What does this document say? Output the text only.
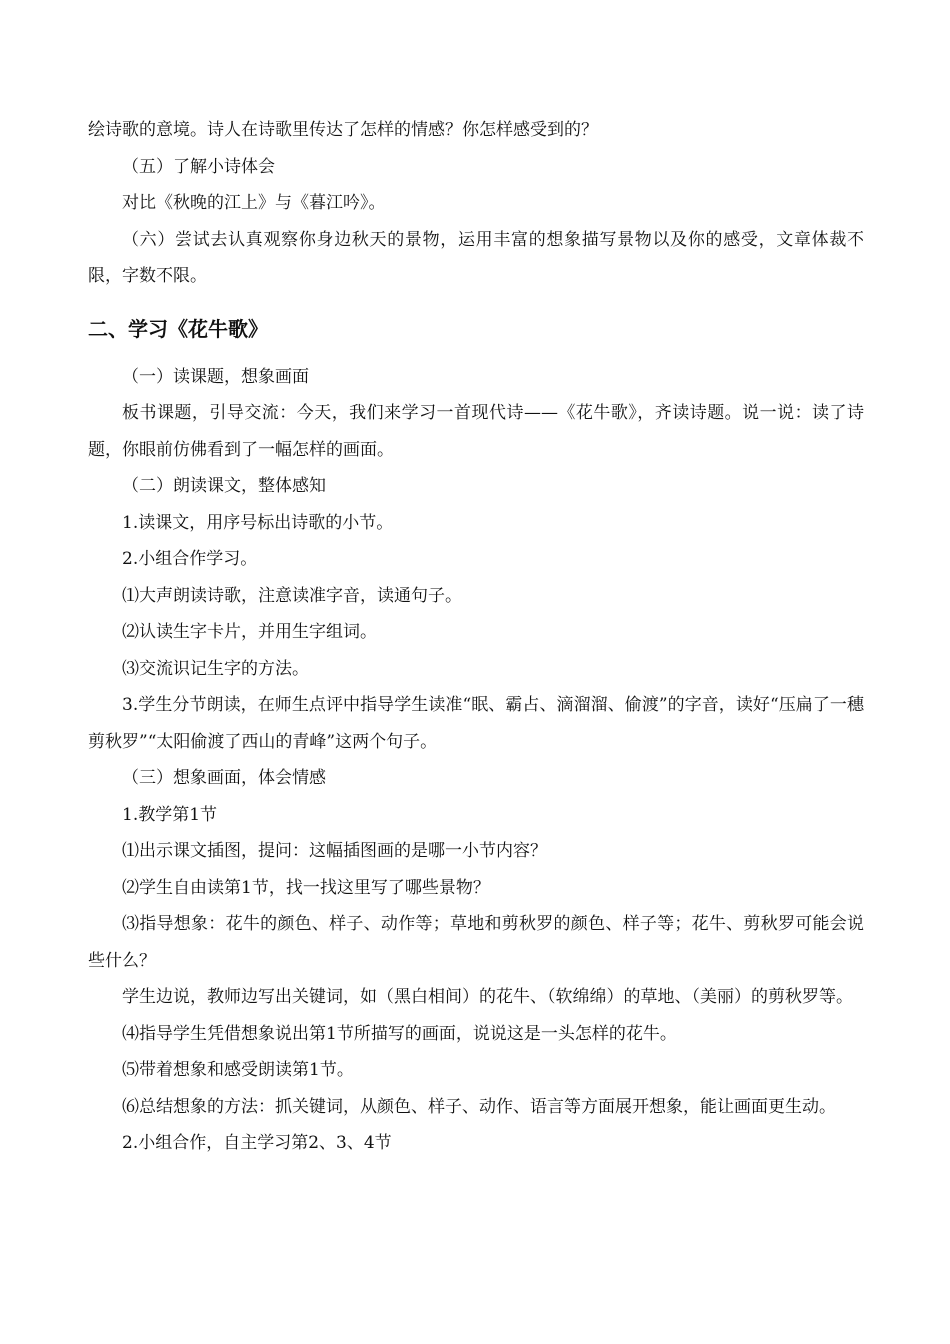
绘诗歌的意境。诗人在诗歌里传达了怎样的情感？你怎样感受到的？

（五）了解小诗体会

对比《秋晚的江上》与《暮江吟》。

（六）尝试去认真观察你身边秋天的景物，运用丰富的想象描写景物以及你的感受，文章体裁不限，字数不限。

二、学习《花牛歌》

（一）读课题，想象画面

板书课题，引导交流：今天，我们来学习一首现代诗——《花牛歌》，齐读诗题。说一说：读了诗题，你眼前仿佛看到了一幅怎样的画面。

（二）朗读课文，整体感知

1.读课文，用序号标出诗歌的小节。

2.小组合作学习。

⑴大声朗读诗歌，注意读准字音，读通句子。

⑵认读生字卡片，并用生字组词。

⑶交流识记生字的方法。

3.学生分节朗读，在师生点评中指导学生读准“眠、霸占、滴溜溜、偷渡”的字音，读好“压扁了一穗剪秋罗”“太阳偷渡了西山的青峰”这两个句子。

（三）想象画面，体会情感

1.教学第1节

⑴出示课文插图，提问：这幅插图画的是哪一小节内容？

⑵学生自由读第1节，找一找这里写了哪些景物？

⑶指导想象：花牛的颜色、样子、动作等；草地和剪秋罗的颜色、样子等；花牛、剪秋罗可能会说些什么？

学生边说，教师边写出关键词，如（黑白相间）的花牛、（软绵绵）的草地、（美丽）的剪秋罗等。

⑷指导学生凭借想象说出第1节所描写的画面，说说这是一头怎样的花牛。

⑸带着想象和感受朗读第1节。

⑹总结想象的方法：抓关键词，从颜色、样子、动作、语言等方面展开想象，能让画面更生动。

2.小组合作，自主学习第2、3、4节
